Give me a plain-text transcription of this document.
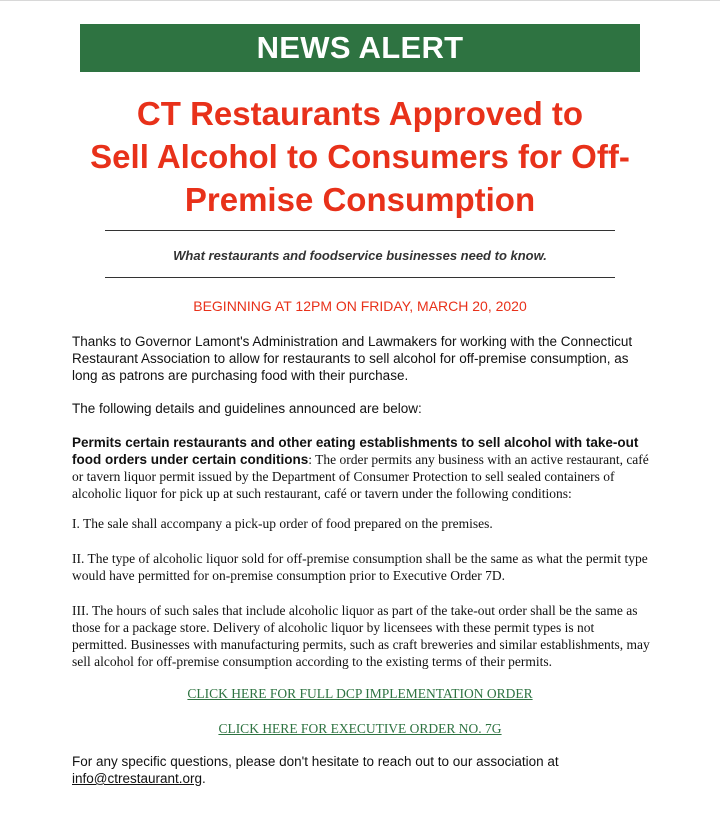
NEWS ALERT
CT Restaurants Approved to
Sell Alcohol to Consumers for Off-
Premise Consumption
What restaurants and foodservice businesses need to know.
BEGINNING AT 12PM ON FRIDAY, MARCH 20, 2020

Thanks to Governor Lamont's Administration and Lawmakers for working with the Connecticut Restaurant Association to allow for restaurants to sell alcohol for off-premise consumption, as long as patrons are purchasing food with their purchase.

The following details and guidelines announced are below:

Permits certain restaurants and other eating establishments to sell alcohol with take-out food orders under certain conditions: The order permits any business with an active restaurant, café or tavern liquor permit issued by the Department of Consumer Protection to sell sealed containers of alcoholic liquor for pick up at such restaurant, café or tavern under the following conditions:

I. The sale shall accompany a pick-up order of food prepared on the premises.

II. The type of alcoholic liquor sold for off-premise consumption shall be the same as what the permit type would have permitted for on-premise consumption prior to Executive Order 7D.

III. The hours of such sales that include alcoholic liquor as part of the take-out order shall be the same as those for a package store. Delivery of alcoholic liquor by licensees with these permit types is not permitted. Businesses with manufacturing permits, such as craft breweries and similar establishments, may sell alcohol for off-premise consumption according to the existing terms of their permits.

CLICK HERE FOR FULL DCP IMPLEMENTATION ORDER
CLICK HERE FOR EXECUTIVE ORDER NO. 7G

For any specific questions, please don't hesitate to reach out to our association at
info@ctrestaurant.org.
